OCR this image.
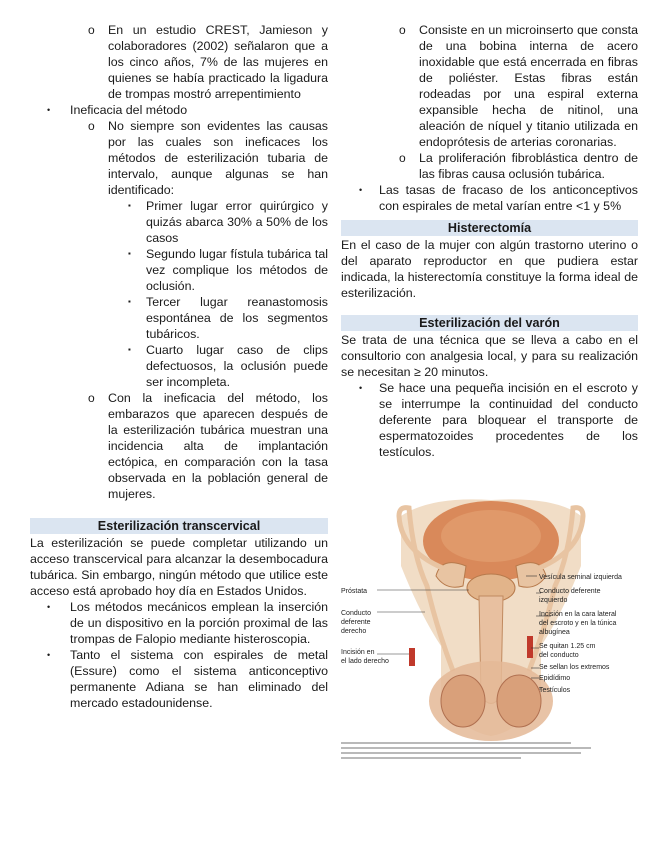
o En un estudio CREST, Jamieson y colaboradores (2002) señalaron que a los cinco años, 7% de las mujeres en quienes se había practicado la ligadura de trompas mostró arrepentimiento

• Ineficacia del método

o No siempre son evidentes las causas por las cuales son ineficaces los métodos de esterilización tubaria de intervalo, aunque algunas se han identificado:

▪ Primer lugar error quirúrgico y quizás abarca 30% a 50% de los casos

▪ Segundo lugar fístula tubárica tal vez complique los métodos de oclusión.

▪ Tercer lugar reanastomosis espontánea de los segmentos tubáricos.

▪ Cuarto lugar caso de clips defectuosos, la oclusión puede ser incompleta.

o Con la ineficacia del método, los embarazos que aparecen después de la esterilización tubárica muestran una incidencia alta de implantación ectópica, en comparación con la tasa observada en la población general de mujeres.

Esterilización transcervical

La esterilización se puede completar utilizando un acceso transcervical para alcanzar la desembocadura tubárica. Sin embargo, ningún método que utilice este acceso está aprobado hoy día en Estados Unidos.

• Los métodos mecánicos emplean la inserción de un dispositivo en la porción proximal de las trompas de Falopio mediante histeroscopia.

• Tanto el sistema con espirales de metal (Essure) como el sistema anticonceptivo permanente Adiana se han eliminado del mercado estadounidense.

o Consiste en un microinserto que consta de una bobina interna de acero inoxidable que está encerrada en fibras de poliéster. Estas fibras están rodeadas por una espiral externa expansible hecha de nitinol, una aleación de níquel y titanio utilizada en endoprótesis de arterias coronarias.

o La proliferación fibroblástica dentro de las fibras causa oclusión tubárica.

• Las tasas de fracaso de los anticonceptivos con espirales de metal varían entre <1 y 5%

Histerectomía

En el caso de la mujer con algún trastorno uterino o del aparato reproductor en que pudiera estar indicada, la histerectomía constituye la forma ideal de esterilización.

Esterilización del varón

Se trata de una técnica que se lleva a cabo en el consultorio con analgesia local, y para su realización se necesitan ≥ 20 minutos.

• Se hace una pequeña incisión en el escroto y se interrumpe la continuidad del conducto deferente para bloquear el transporte de espermatozoides procedentes de los testículos.

Próstata
Conducto
deferente
derecho
Incisión en
el lado derecho
Vesícula seminal izquierda
Conducto deferente
izquierdo
Incisión en la cara lateral
del escroto y en la túnica
albugínea
Se quitan 1.25 cm
del conducto
Se sellan los extremos
Epidídimo
Testículos
